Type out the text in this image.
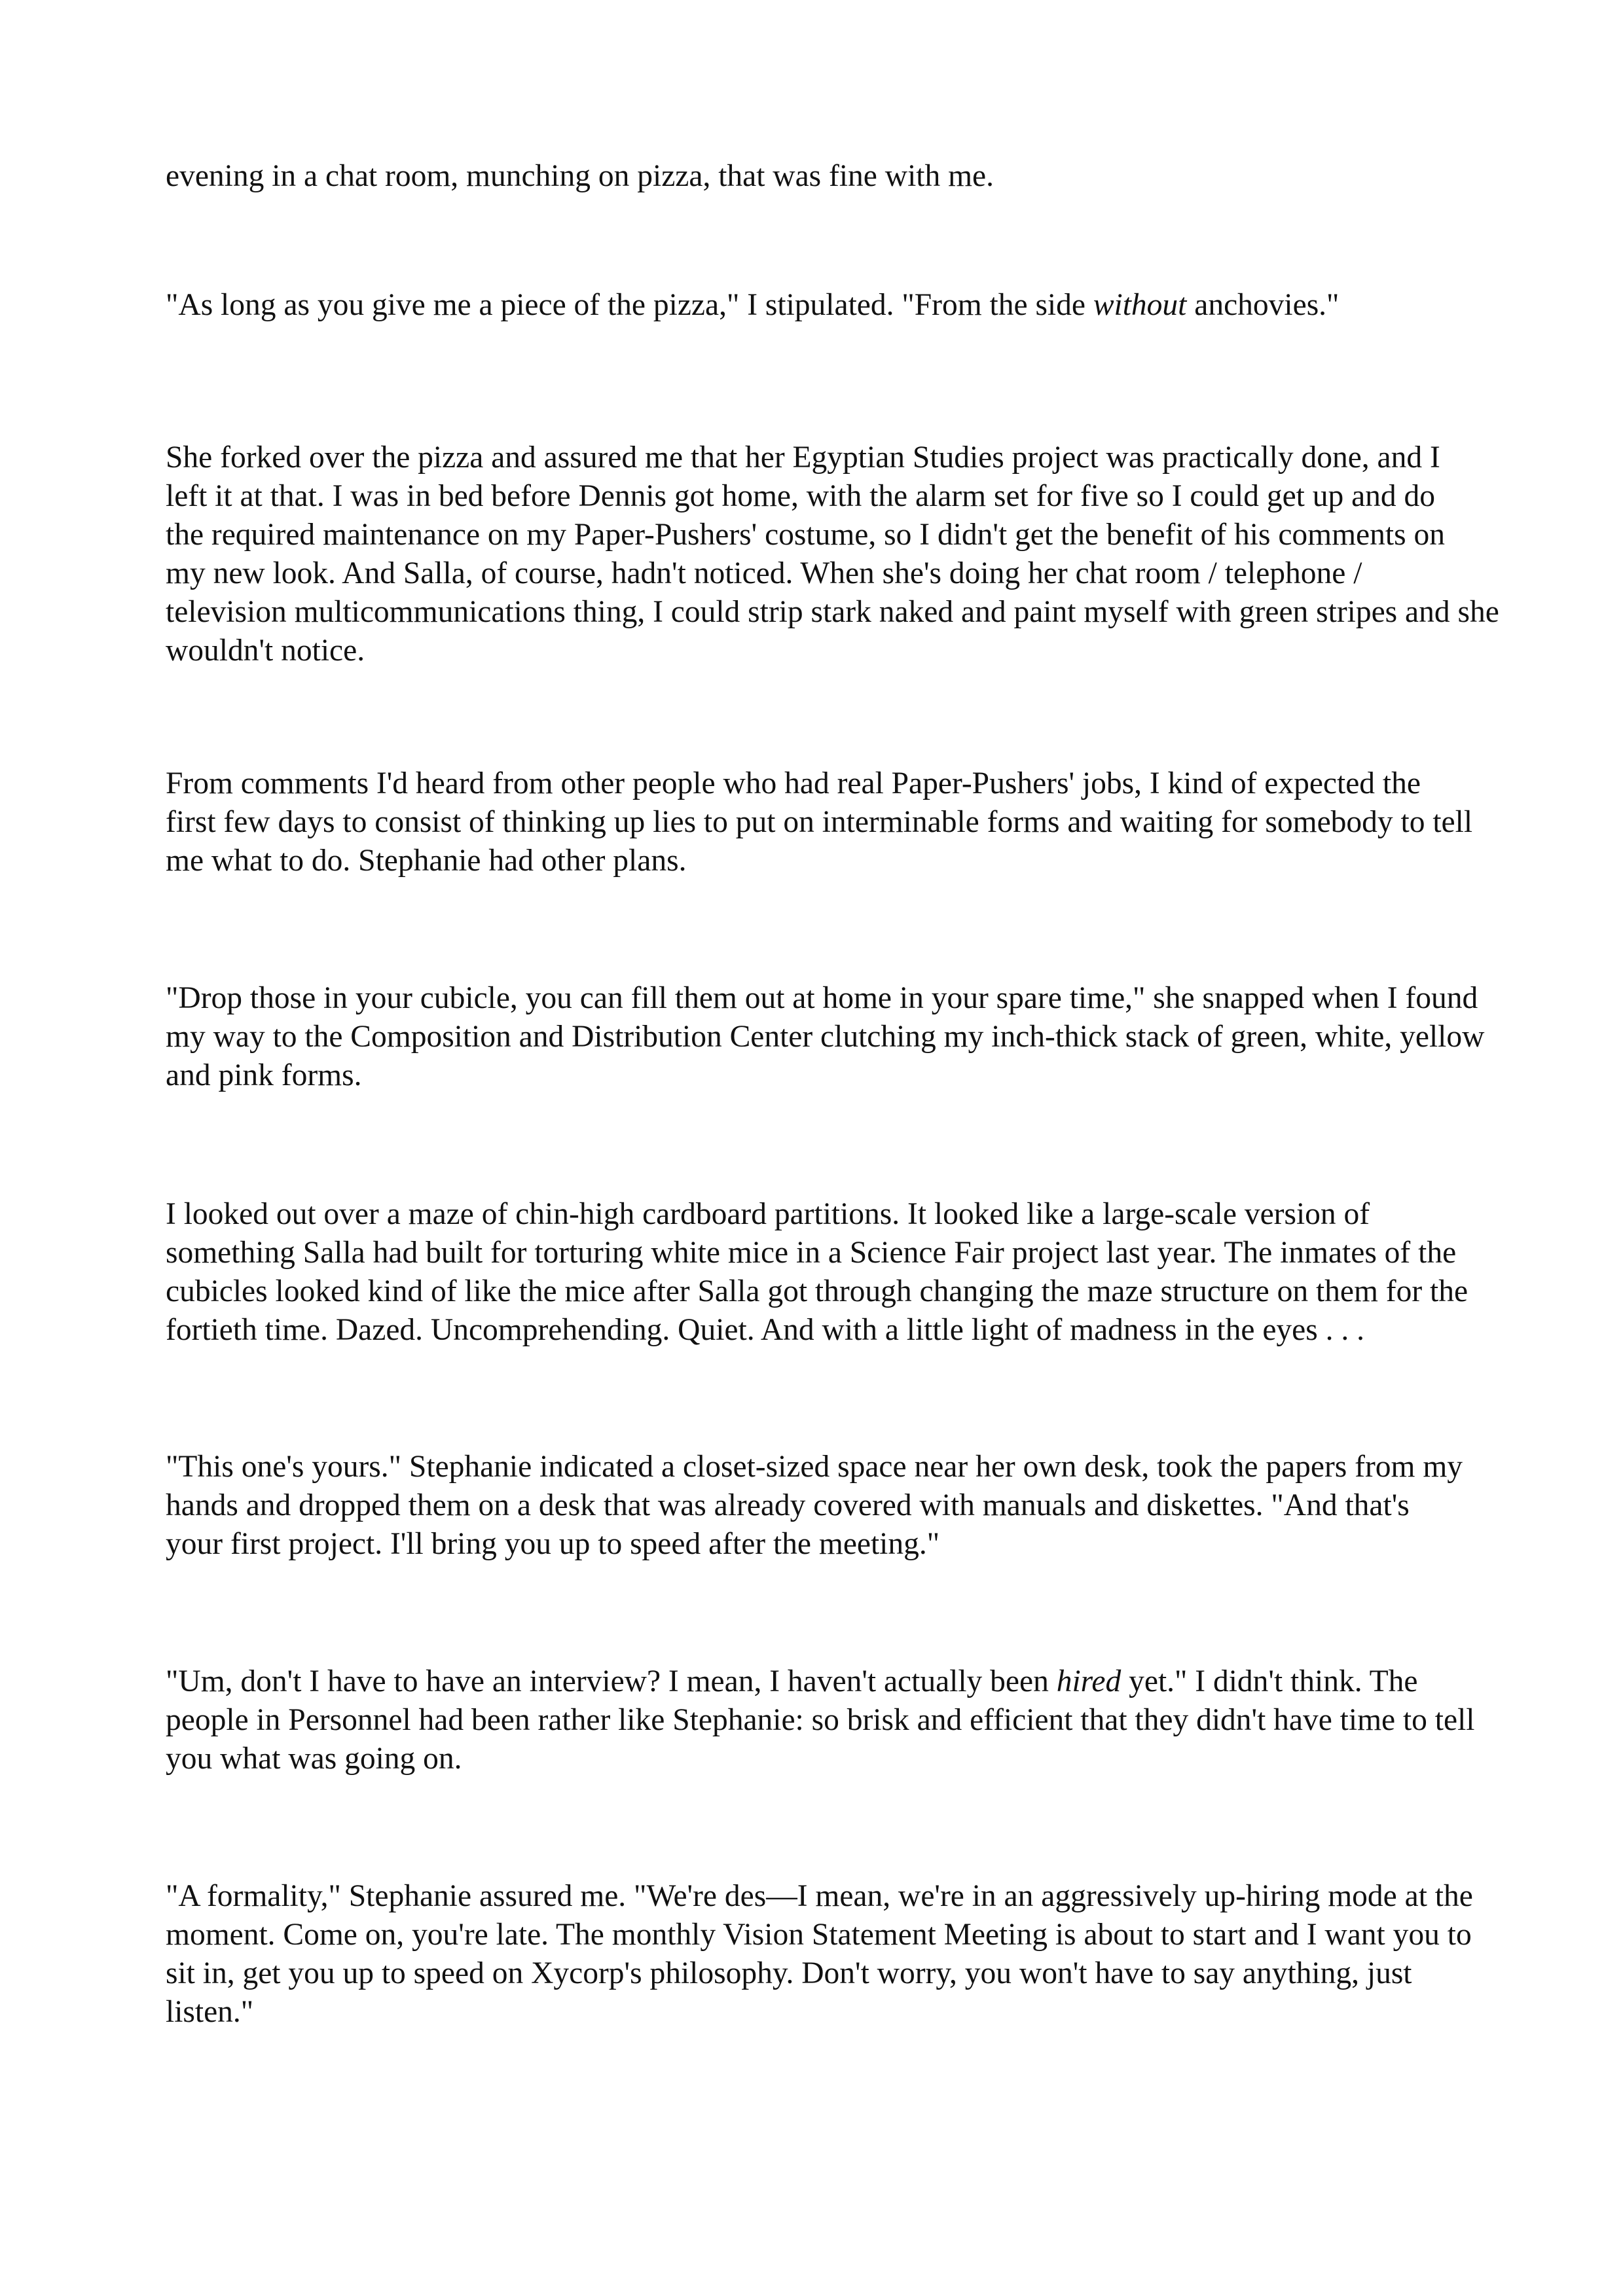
evening in a chat room, munching on pizza, that was fine with me.

"As long as you give me a piece of the pizza," I stipulated. "From the side without anchovies."

She forked over the pizza and assured me that her Egyptian Studies project was practically done, and I
left it at that. I was in bed before Dennis got home, with the alarm set for five so I could get up and do
the required maintenance on my Paper-Pushers' costume, so I didn't get the benefit of his comments on
my new look. And Salla, of course, hadn't noticed. When she's doing her chat room / telephone /
television multicommunications thing, I could strip stark naked and paint myself with green stripes and she
wouldn't notice.

From comments I'd heard from other people who had real Paper-Pushers' jobs, I kind of expected the
first few days to consist of thinking up lies to put on interminable forms and waiting for somebody to tell
me what to do. Stephanie had other plans.

"Drop those in your cubicle, you can fill them out at home in your spare time," she snapped when I found
my way to the Composition and Distribution Center clutching my inch-thick stack of green, white, yellow
and pink forms.

I looked out over a maze of chin-high cardboard partitions. It looked like a large-scale version of
something Salla had built for torturing white mice in a Science Fair project last year. The inmates of the
cubicles looked kind of like the mice after Salla got through changing the maze structure on them for the
fortieth time. Dazed. Uncomprehending. Quiet. And with a little light of madness in the eyes . . .

"This one's yours." Stephanie indicated a closet-sized space near her own desk, took the papers from my
hands and dropped them on a desk that was already covered with manuals and diskettes. "And that's
your first project. I'll bring you up to speed after the meeting."

"Um, don't I have to have an interview? I mean, I haven't actually been hired yet." I didn't think. The
people in Personnel had been rather like Stephanie: so brisk and efficient that they didn't have time to tell
you what was going on.

"A formality," Stephanie assured me. "We're des—I mean, we're in an aggressively up-hiring mode at the
moment. Come on, you're late. The monthly Vision Statement Meeting is about to start and I want you to
sit in, get you up to speed on Xycorp's philosophy. Don't worry, you won't have to say anything, just
listen."
